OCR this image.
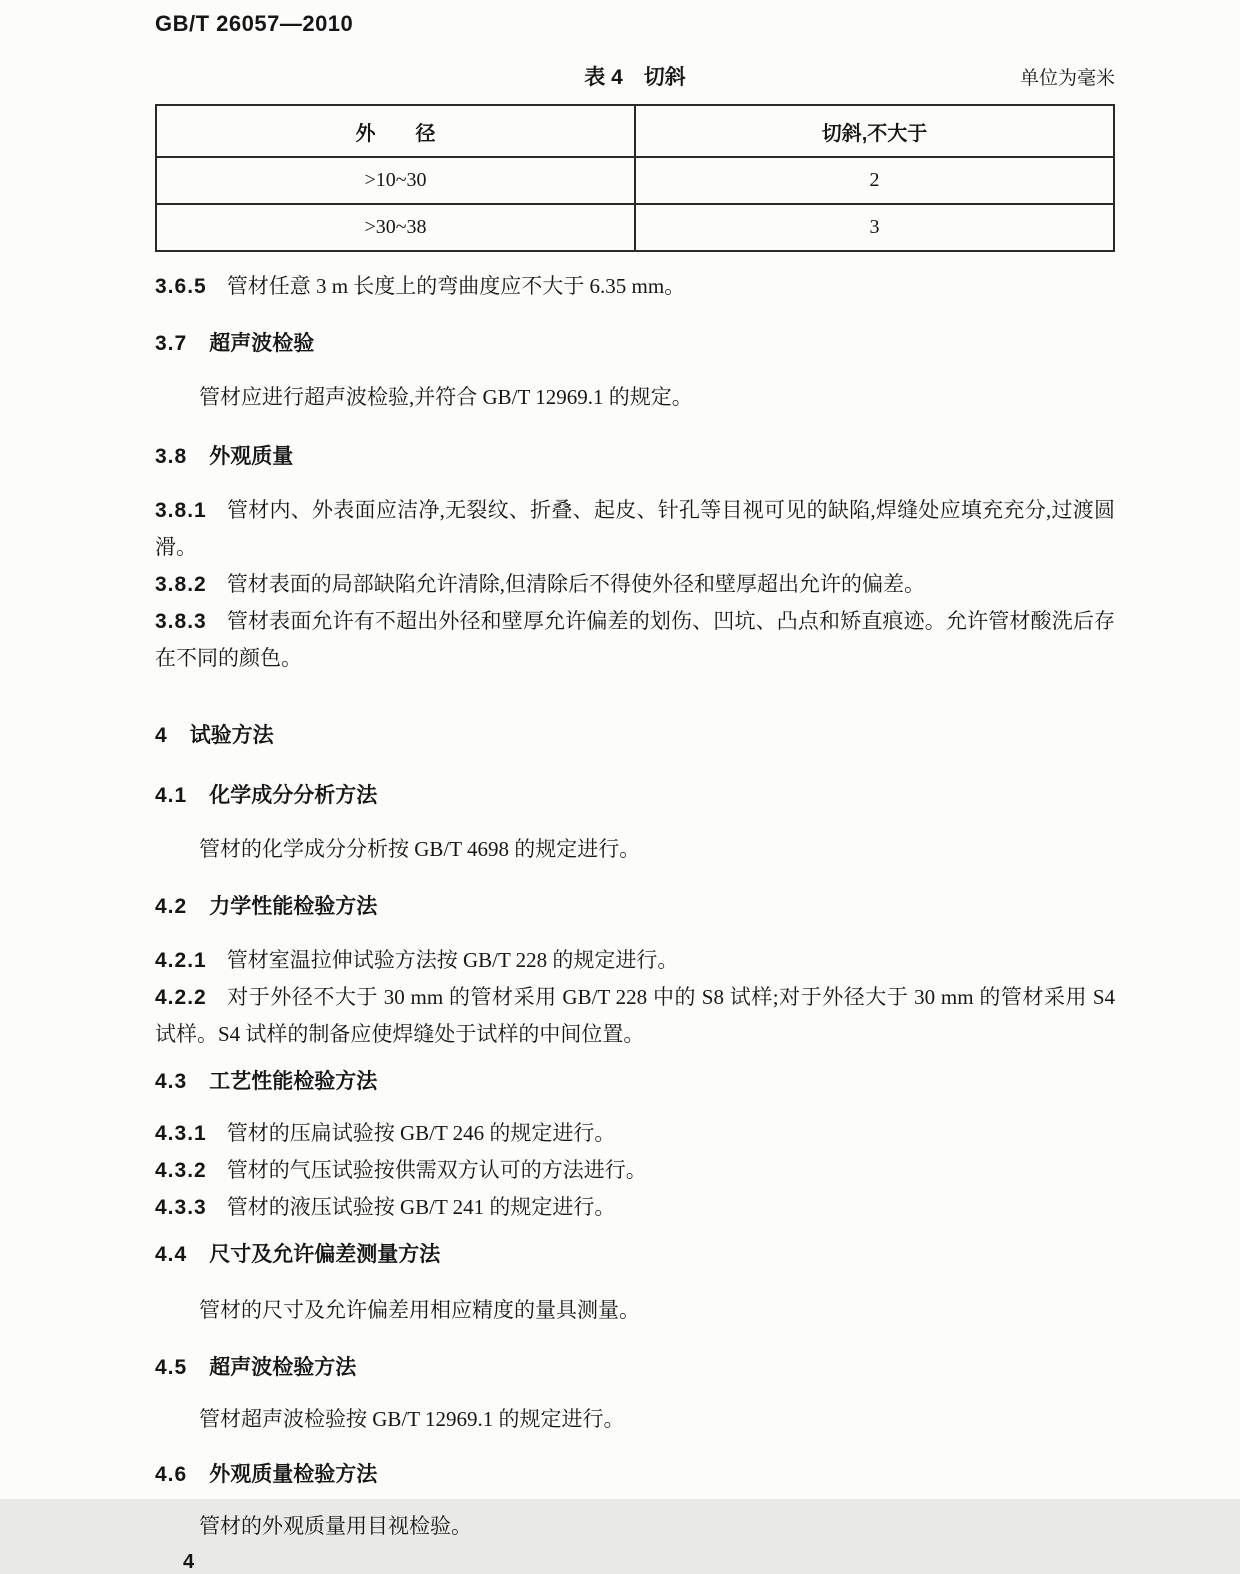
GB/T 26057—2010
表 4　切斜	单位为毫米
外　　径	切斜,不大于
>10~30	2
>30~38	3

3.6.5 管材任意 3 m 长度上的弯曲度应不大于 6.35 mm。

3.7 超声波检验

管材应进行超声波检验,并符合 GB/T 12969.1 的规定。

3.8 外观质量

3.8.1 管材内、外表面应洁净,无裂纹、折叠、起皮、针孔等目视可见的缺陷,焊缝处应填充充分,过渡圆滑。

3.8.2 管材表面的局部缺陷允许清除,但清除后不得使外径和壁厚超出允许的偏差。

3.8.3 管材表面允许有不超出外径和壁厚允许偏差的划伤、凹坑、凸点和矫直痕迹。允许管材酸洗后存在不同的颜色。

4 试验方法
4.1 化学成分分析方法

管材的化学成分分析按 GB/T 4698 的规定进行。

4.2 力学性能检验方法

4.2.1 管材室温拉伸试验方法按 GB/T 228 的规定进行。

4.2.2 对于外径不大于 30 mm 的管材采用 GB/T 228 中的 S8 试样;对于外径大于 30 mm 的管材采用 S4 试样。S4 试样的制备应使焊缝处于试样的中间位置。

4.3 工艺性能检验方法

4.3.1 管材的压扁试验按 GB/T 246 的规定进行。

4.3.2 管材的气压试验按供需双方认可的方法进行。

4.3.3 管材的液压试验按 GB/T 241 的规定进行。

4.4 尺寸及允许偏差测量方法

管材的尺寸及允许偏差用相应精度的量具测量。

4.5 超声波检验方法

管材超声波检验按 GB/T 12969.1 的规定进行。

4.6 外观质量检验方法

管材的外观质量用目视检验。

4
